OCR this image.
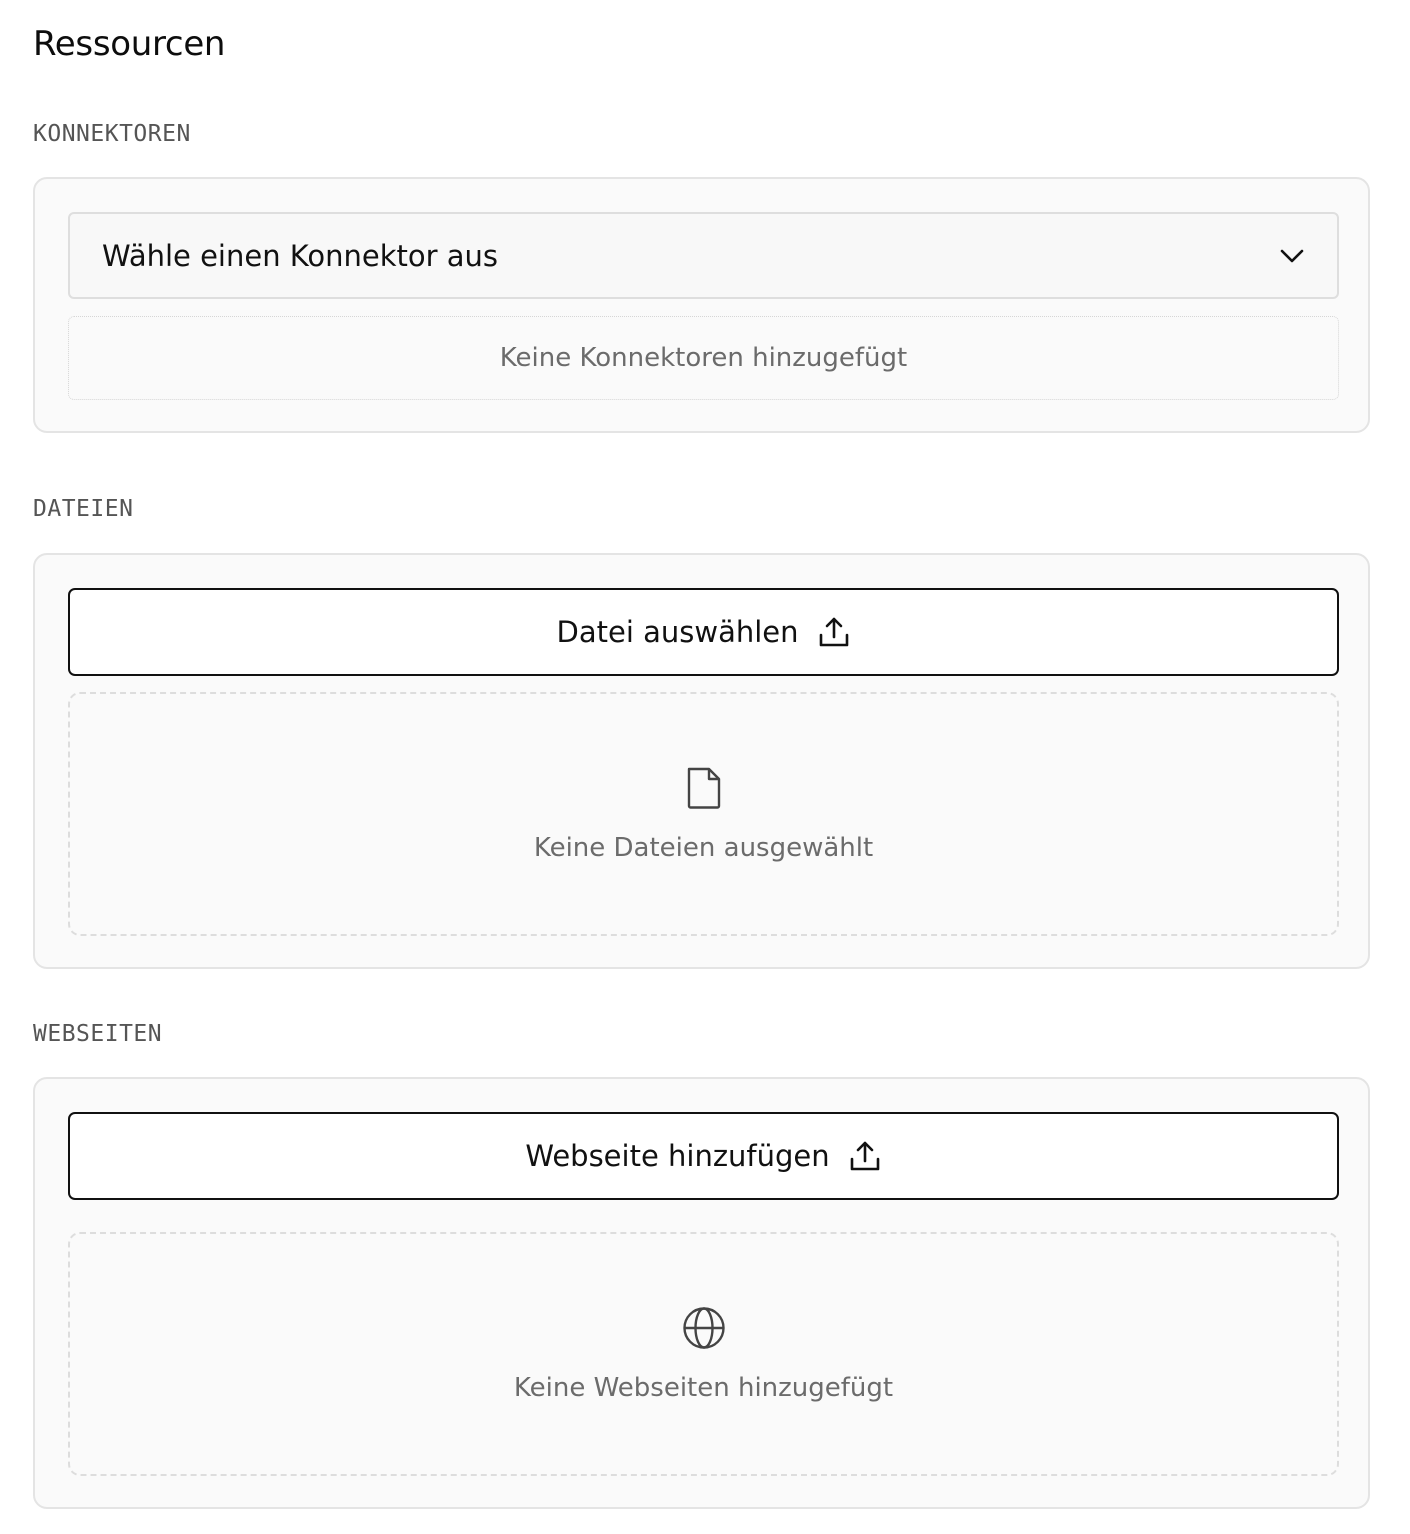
Ressourcen
KONNEKTOREN
Wähle einen Konnektor aus
Keine Konnektoren hinzugefügt
DATEIEN
Datei auswählen
Keine Dateien ausgewählt
WEBSEITEN
Webseite hinzufügen
Keine Webseiten hinzugefügt
